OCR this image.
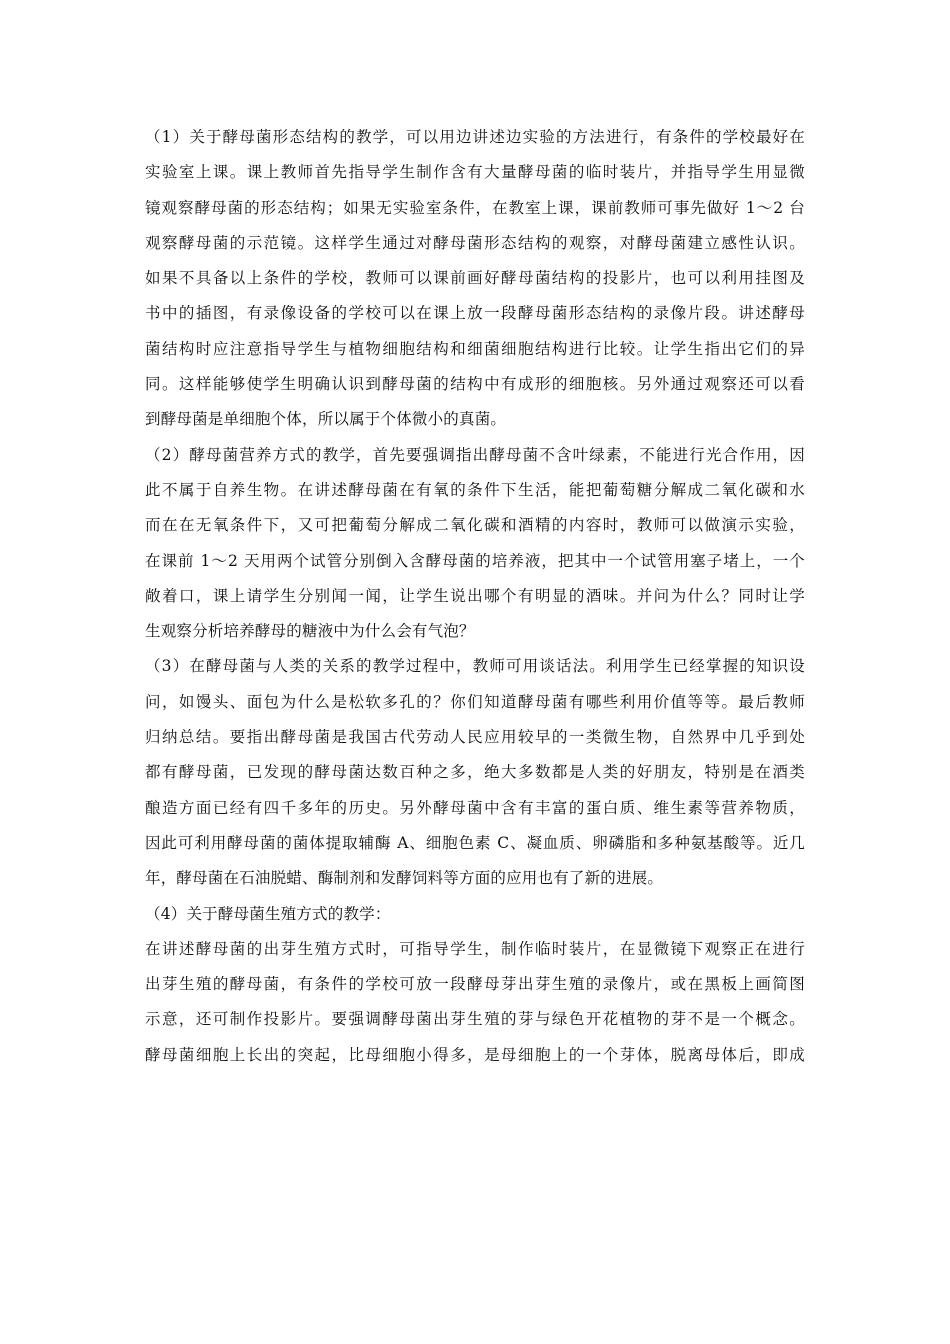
（1）关于酵母菌形态结构的教学，可以用边讲述边实验的方法进行，有条件的学校最好在
实验室上课。课上教师首先指导学生制作含有大量酵母菌的临时装片，并指导学生用显微
镜观察酵母菌的形态结构；如果无实验室条件，在教室上课，课前教师可事先做好 1～2 台
观察酵母菌的示范镜。这样学生通过对酵母菌形态结构的观察，对酵母菌建立感性认识。
如果不具备以上条件的学校，教师可以课前画好酵母菌结构的投影片，也可以利用挂图及
书中的插图，有录像设备的学校可以在课上放一段酵母菌形态结构的录像片段。讲述酵母
菌结构时应注意指导学生与植物细胞结构和细菌细胞结构进行比较。让学生指出它们的异
同。这样能够使学生明确认识到酵母菌的结构中有成形的细胞核。另外通过观察还可以看
到酵母菌是单细胞个体，所以属于个体微小的真菌。
（2）酵母菌营养方式的教学，首先要强调指出酵母菌不含叶绿素，不能进行光合作用，因
此不属于自养生物。在讲述酵母菌在有氧的条件下生活，能把葡萄糖分解成二氧化碳和水
而在在无氧条件下，又可把葡萄分解成二氧化碳和酒精的内容时，教师可以做演示实验，
在课前 1～2 天用两个试管分别倒入含酵母菌的培养液，把其中一个试管用塞子堵上，一个
敞着口，课上请学生分别闻一闻，让学生说出哪个有明显的酒味。并问为什么？同时让学
生观察分析培养酵母的糖液中为什么会有气泡？
（3）在酵母菌与人类的关系的教学过程中，教师可用谈话法。利用学生已经掌握的知识设
问，如馒头、面包为什么是松软多孔的？你们知道酵母菌有哪些利用价值等等。最后教师
归纳总结。要指出酵母菌是我国古代劳动人民应用较早的一类微生物，自然界中几乎到处
都有酵母菌，已发现的酵母菌达数百种之多，绝大多数都是人类的好朋友，特别是在酒类
酿造方面已经有四千多年的历史。另外酵母菌中含有丰富的蛋白质、维生素等营养物质，
因此可利用酵母菌的菌体提取辅酶 A、细胞色素 C、凝血质、卵磷脂和多种氨基酸等。近几
年，酵母菌在石油脱蜡、酶制剂和发酵饲料等方面的应用也有了新的进展。
（4）关于酵母菌生殖方式的教学：
在讲述酵母菌的出芽生殖方式时，可指导学生，制作临时装片，在显微镜下观察正在进行
出芽生殖的酵母菌，有条件的学校可放一段酵母芽出芽生殖的录像片，或在黑板上画简图
示意，还可制作投影片。要强调酵母菌出芽生殖的芽与绿色开花植物的芽不是一个概念。
酵母菌细胞上长出的突起，比母细胞小得多，是母细胞上的一个芽体，脱离母体后，即成
